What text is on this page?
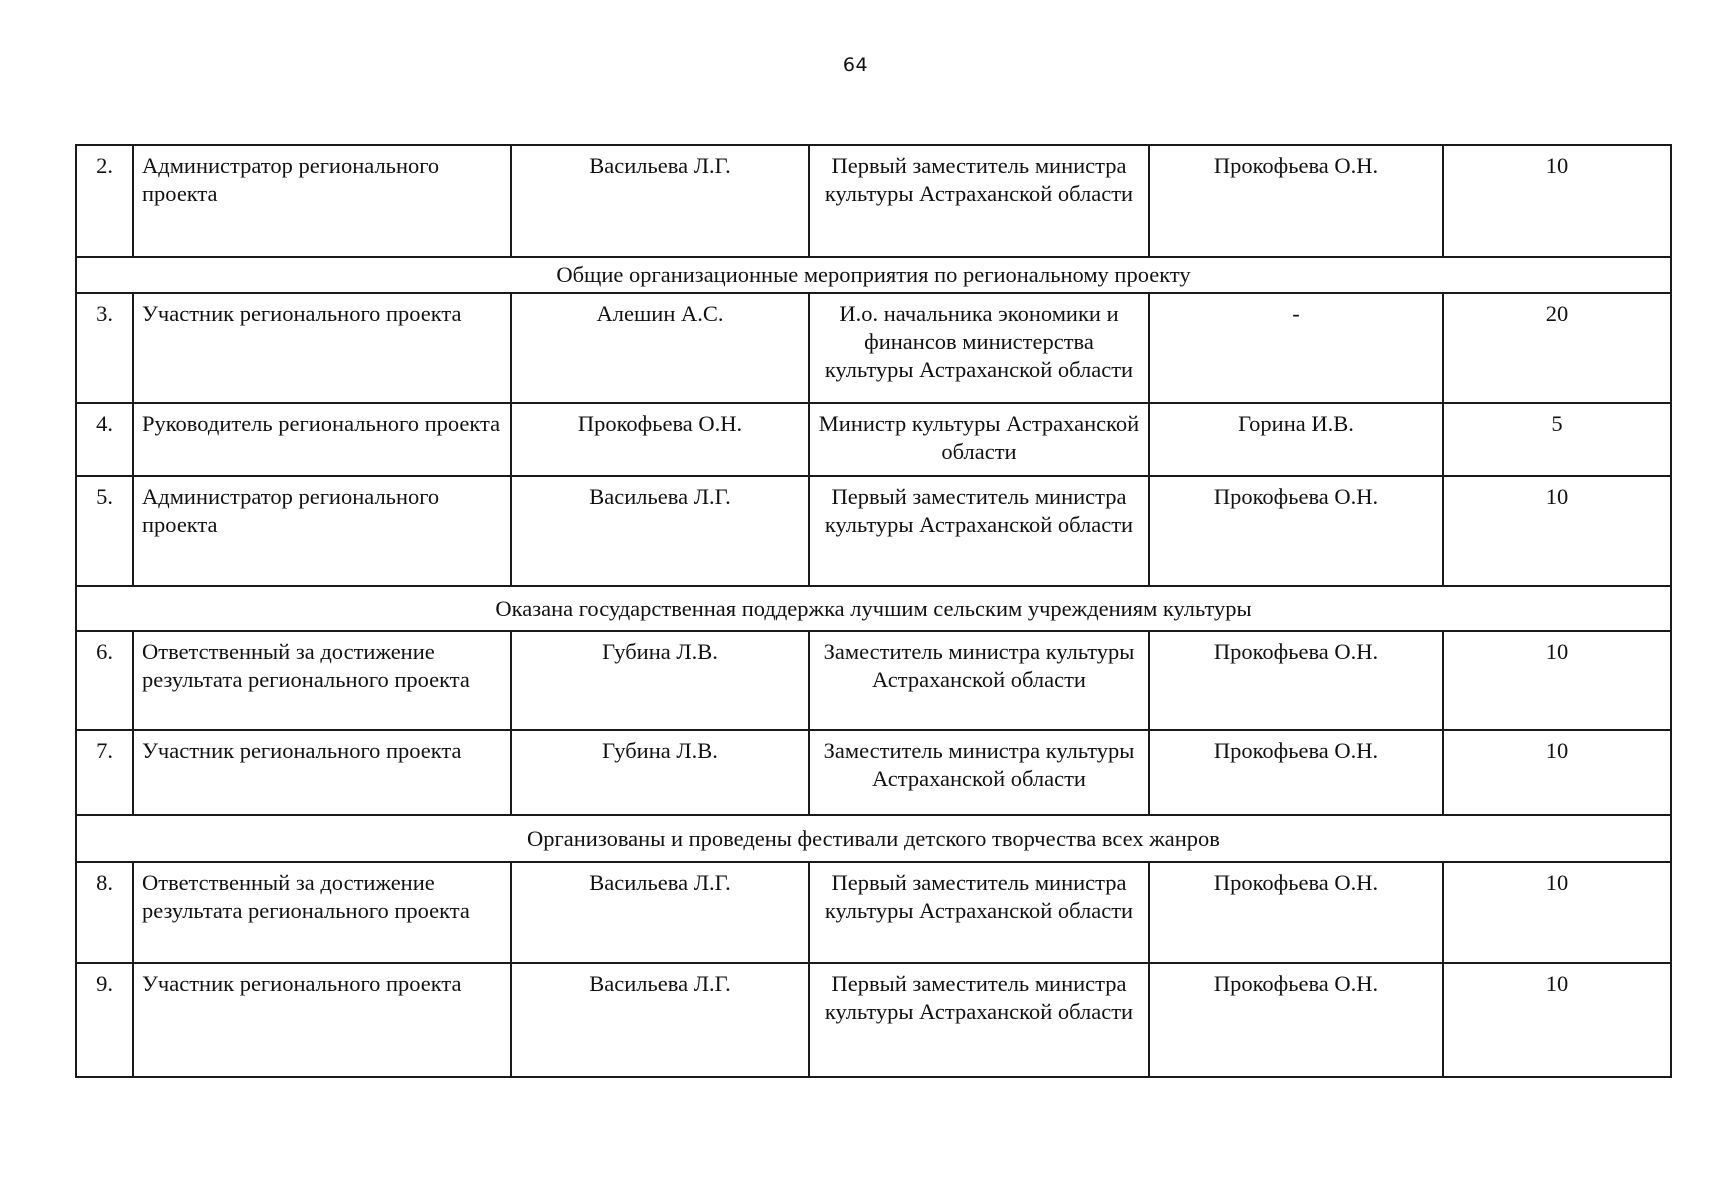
64
2.	Администратор регионального проекта	Васильева Л.Г.	Первый заместитель министра культуры Астраханской области	Прокофьева О.Н.	10
Общие организационные мероприятия по региональному проекту					
3.	Участник регионального проекта	Алешин А.С.	И.о. начальника экономики и финансов министерства культуры Астраханской области	-	20
4.	Руководитель регионального проекта	Прокофьева О.Н.	Министр культуры Астраханской области	Горина И.В.	5
5.	Администратор регионального проекта	Васильева Л.Г.	Первый заместитель министра культуры Астраханской области	Прокофьева О.Н.	10
Оказана государственная поддержка лучшим сельским учреждениям культуры					
6.	Ответственный за достижение результата регионального проекта	Губина Л.В.	Заместитель министра культуры Астраханской области	Прокофьева О.Н.	10
7.	Участник регионального проекта	Губина Л.В.	Заместитель министра культуры Астраханской области	Прокофьева О.Н.	10
Организованы и проведены фестивали детского творчества всех жанров					
8.	Ответственный за достижение результата регионального проекта	Васильева Л.Г.	Первый заместитель министра культуры Астраханской области	Прокофьева О.Н.	10
9.	Участник регионального проекта	Васильева Л.Г.	Первый заместитель министра культуры Астраханской области	Прокофьева О.Н.	10
